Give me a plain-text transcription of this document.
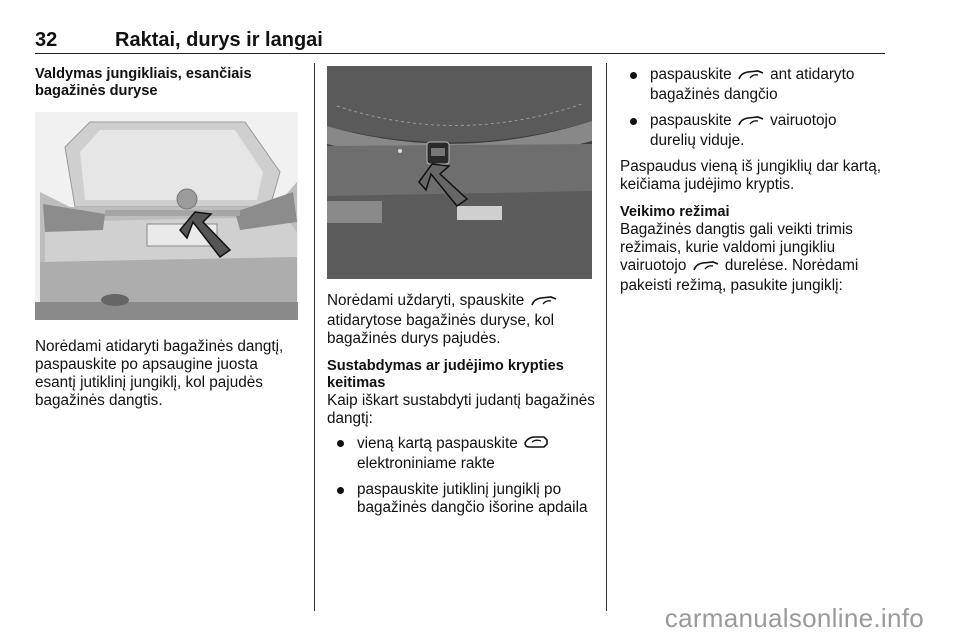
32	Raktai, durys ir langai

Valdymas jungikliais, esančiais bagažinės duryse

Norėdami atidaryti bagažinės dangtį, paspauskite po apsaugine juosta esantį jutiklinį jungiklį, kol pajudės bagažinės dangtis.

Norėdami uždaryti, spauskite  atidarytose bagažinės duryse, kol bagažinės durys pajudės.

Sustabdymas ar judėjimo krypties keitimas

Kaip iškart sustabdyti judantį bagažinės dangtį:

vieną kartą paspauskite  elektroniniame rakte
paspauskite jutiklinį jungiklį po bagažinės dangčio išorine apdaila
paspauskite	ant atidaryto bagažinės dangčio
paspauskite	vairuotojo durelių viduje.

Paspaudus vieną iš jungiklių dar kartą, keičiama judėjimo kryptis.

Veikimo režimai

Bagažinės dangtis gali veikti trimis režimais, kurie valdomi jungikliu vairuotojo	durelėse. Norėdami pakeisti režimą, pasukite jungiklį:

carmanualsonline.info
